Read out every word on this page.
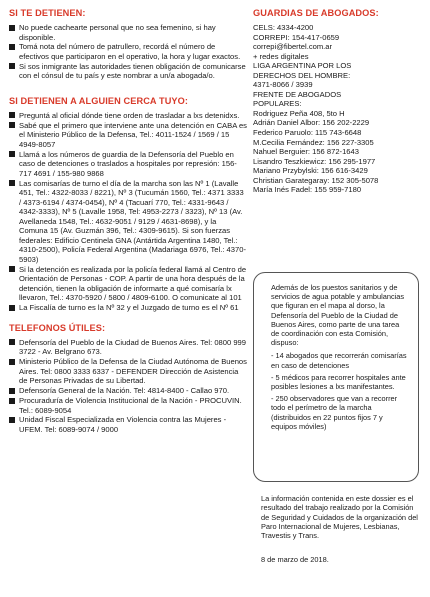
SI TE DETIENEN:
No puede cachearte personal que no sea femenino, si hay disponible.
Tomá nota del número de patrullero, recordá el número de efectivos que participaron en el operativo, la hora y lugar exactos.
Si sos inmigrante las autoridades tienen obligación de comunicarse con el cónsul de tu país y este nombrar a un/a abogada/o.
SI DETIENEN A ALGUIEN CERCA TUYO:
Preguntá al oficial dónde tiene orden de trasladar a lxs detenidxs.
Sabé que el primero que interviene ante una detención en CABA es el Ministerio Público de la Defensa, Tel.: 4011-1524 / 1569 / 15 4949-8057
Llamá a los números de guardia de la Defensoría del Pueblo en caso de detenciones o traslados a hospitales por represión: 156-717 4691 / 155-980 9868
Las comisarías de turno el día de la marcha son las Nº 1 (Lavalle 451, Tel.: 4322-8033 / 8221), Nº 3 (Tucumán 1560, Tel.: 4371 3333 / 4373-6194 / 4374-0454), Nº 4 (Tacuarí 770, Tel.: 4331-9643 / 4342-3333), Nº 5 (Lavalle 1958, Tel: 4953-2273 / 3323), Nº 13 (Av. Avellaneda 1548, Tel.: 4632-9051 / 9129 / 4631-8698), y la Comuna 15 (Av. Guzmán 396, Tel.: 4309-9615). Si son fuerzas federales: Edificio Centinela GNA (Antártida Argentina 1480, Tel.: 4310-2500), Policía Federal Argentina (Madariaga 6976, Tel.: 4370-5903)
Si la detención es realizada por la policía federal llamá al Centro de Orientación de Personas - COP. A partir de una hora después de la detención, tienen la obligación de informarte a qué comisaría lx llevaron, Tel.: 4370-5920 / 5800 / 4809-6100. O comunicate al 101
La Fiscalía de turno es la Nº 32 y el Juzgado de turno es el Nº 61
TELEFONOS ÚTILES:
Defensoría del Pueblo de la Ciudad de Buenos Aires. Tel: 0800 999 3722 - Av. Belgrano 673.
Ministerio Público de la Defensa de la Ciudad Autónoma de Buenos Aires. Tel: 0800 3333 6337 - DEFENDER Dirección de Asistencia de Personas Privadas de su Libertad.
Defensoría General de la Nación. Tel: 4814-8400 - Callao 970.
Procuraduría de Violencia Institucional de la Nación - PROCUVIN. Tel.: 6089-9054
Unidad Fiscal Especializada en Violencia contra las Mujeres - UFEM. Tel: 6089-9074 / 9000
GUARDIAS DE ABOGADOS:
CELS: 4334-4200
CORREPI: 154-417-0659
correpi@fibertel.com.ar
+ redes digitales
LIGA ARGENTINA POR LOS
DERECHOS DEL HOMBRE:
4371-8066 / 3939
FRENTE DE ABOGADOS
POPULARES:
Rodriguez Peña 408, 5to H
Adrián Daniel Albor: 156 202-2229
Federico Paruolo: 115 743-6648
M.Cecilia Fernández: 156 227-3305
Nahuel Berguier: 156 872-1643
Lisandro Teszkiewicz: 156 295-1977
Mariano Przybylski: 156 616-3429
Christian Garategaray: 152 305-5078
María Inés Fadel: 155 959-7180

Además de los puestos sanitarios y de servicios de agua potable y ambulancias que figuran en el mapa al dorso, la Defensoría del Pueblo de la Ciudad de Buenos Aires, como parte de una tarea de coordinación con esta Comisión, dispuso:

- 14 abogados que recorrerán comisarías en caso de detenciones
- 5 médicos para recorrer hospitales ante posibles lesiones a lxs manifestantes.
- 250 observadores que van a recorrer todo el perímetro de la marcha (distribuidos en 22 puntos fijos 7 y equipos móviles)
La información contenida en este dossier es el resultado del trabajo realizado por la Comisión de Seguridad y Cuidados de la organización del Paro Internacional de Mujeres, Lesbianas, Travestis y Trans.
8 de marzo de 2018.
